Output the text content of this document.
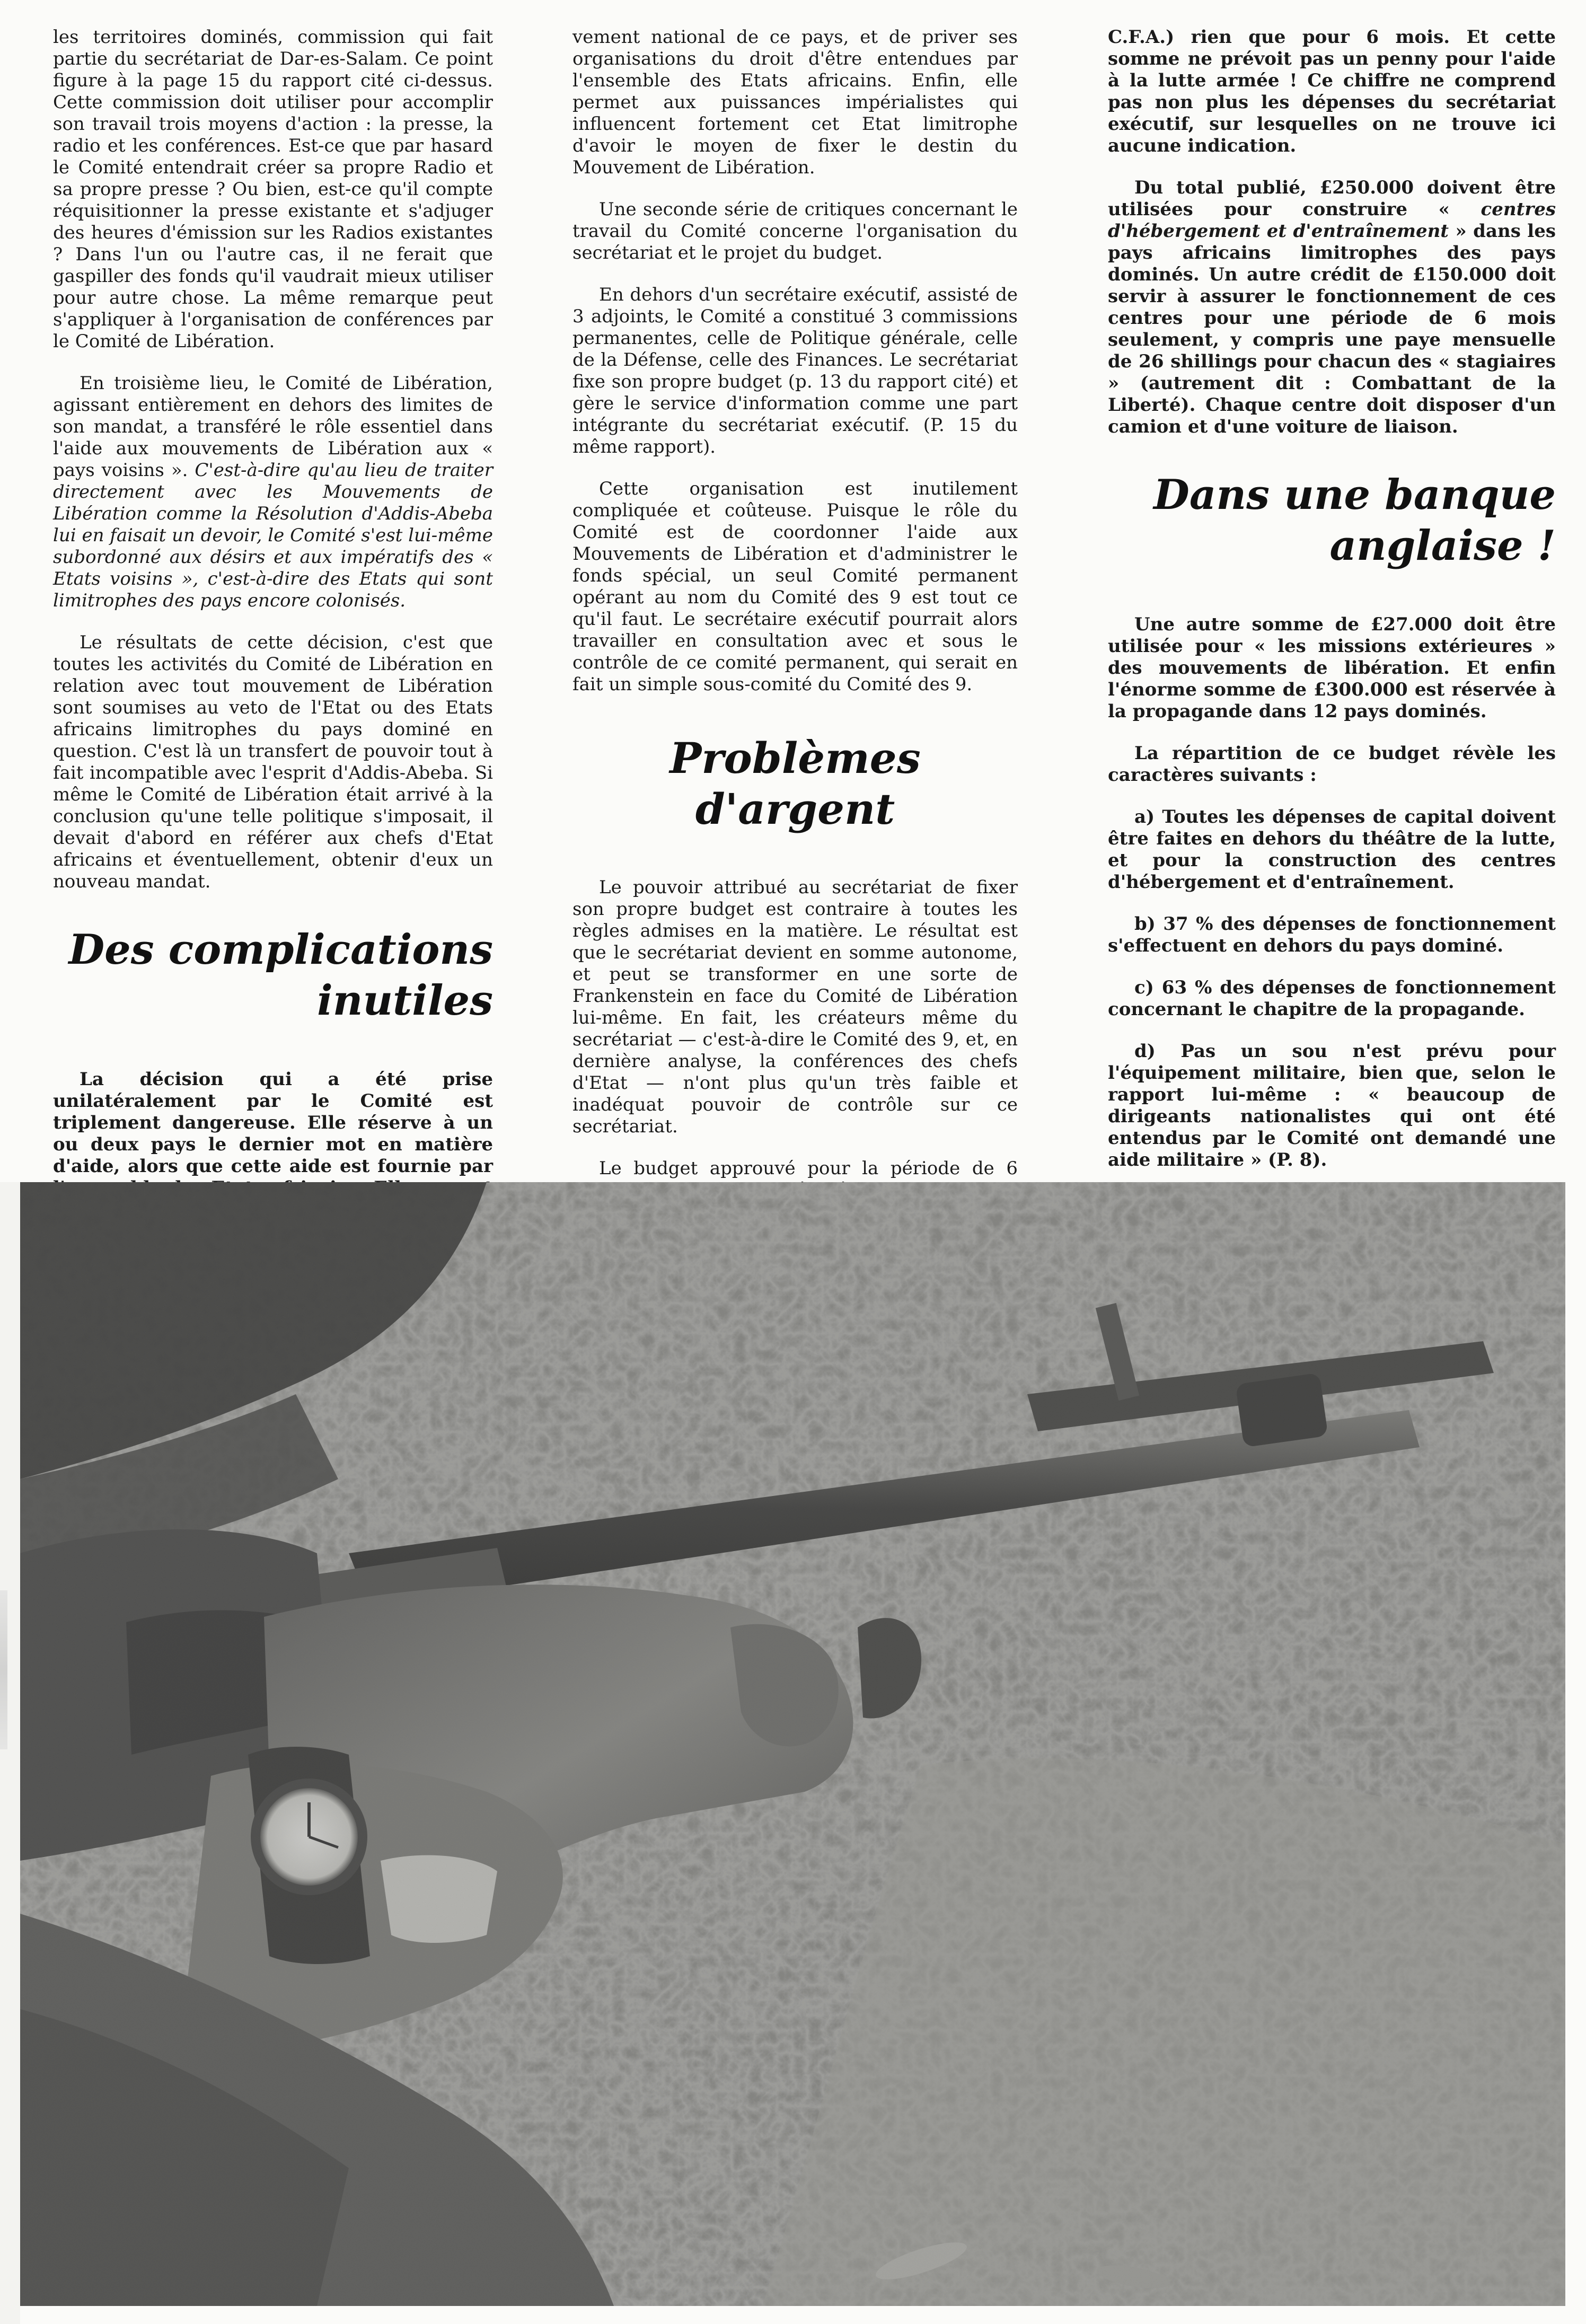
les territoires dominés, commission qui fait partie du secrétariat de Dar-es-Salam. Ce point figure à la page 15 du rapport cité ci-dessus. Cette commission doit utiliser pour accomplir son travail trois moyens d'action : la presse, la radio et les conférences. Est-ce que par hasard le Comité entendrait créer sa propre Radio et sa propre presse ? Ou bien, est-ce qu'il compte réquisitionner la presse existante et s'adjuger des heures d'émission sur les Radios existantes ? Dans l'un ou l'autre cas, il ne ferait que gaspiller des fonds qu'il vaudrait mieux utiliser pour autre chose. La même remarque peut s'appliquer à l'organisation de conférences par le Comité de Libération.

En troisième lieu, le Comité de Libération, agissant entièrement en dehors des limites de son mandat, a transféré le rôle essentiel dans l'aide aux mouvements de Libération aux « pays voisins ». C'est-à-dire qu'au lieu de traiter directement avec les Mouvements de Libération comme la Résolution d'Addis-Abeba lui en faisait un devoir, le Comité s'est lui-même subordonné aux désirs et aux impératifs des « Etats voisins », c'est-à-dire des Etats qui sont limitrophes des pays encore colonisés.

Le résultats de cette décision, c'est que toutes les activités du Comité de Libération en relation avec tout mouvement de Libération sont soumises au veto de l'Etat ou des Etats africains limitrophes du pays dominé en question. C'est là un transfert de pouvoir tout à fait incompatible avec l'esprit d'Addis-Abeba. Si même le Comité de Libération était arrivé à la conclusion qu'une telle politique s'imposait, il devait d'abord en référer aux chefs d'Etat africains et éventuellement, obtenir d'eux un nouveau mandat.

Des complications inutiles

La décision qui a été prise unilatéralement par le Comité est triplement dangereuse. Elle réserve à un ou deux pays le dernier mot en matière d'aide, alors que cette aide est fournie par

vement national de ce pays, et de priver ses organisations du droit d'être entendues par l'ensemble des Etats africains. Enfin, elle permet aux puissances impérialistes qui influencent fortement cet Etat limitrophe d'avoir le moyen de fixer le destin du Mouvement de Libération.

Une seconde série de critiques concernant le travail du Comité concerne l'organisation du secrétariat et le projet du budget.

En dehors d'un secrétaire exécutif, assisté de 3 adjoints, le Comité a constitué 3 commissions permanentes, celle de Politique générale, celle de la Défense, celle des Finances. Le secrétariat fixe son propre budget (p. 13 du rapport cité) et gère le service d'information comme une part intégrante du secrétariat exécutif. (P. 15 du même rapport).

Cette organisation est inutilement compliquée et coûteuse. Puisque le rôle du Comité est de coordonner l'aide aux Mouvements de Libération et d'administrer le fonds spécial, un seul Comité permanent opérant au nom du Comité des 9 est tout ce qu'il faut. Le secrétaire exécutif pourrait alors travailler en consultation avec et sous le contrôle de ce comité permanent, qui serait en fait un simple sous-comité du Comité des 9.

Problèmes d'argent

Le pouvoir attribué au secrétariat de fixer son propre budget est contraire à toutes les règles admises en la matière. Le résultat est que le secrétariat devient en somme autonome, et peut se transformer en une sorte de Frankenstein en face du Comité de Libération lui-même. En fait, les créateurs même du secrétariat — c'est-à-dire le Comité des 9, et, en dernière analyse, la conférences des chefs d'Etat — n'ont plus qu'un très faible et inadéquat pouvoir de contrôle sur ce secrétariat.

Le budget approuvé pour la période de 6

C.F.A.) rien que pour 6 mois. Et cette somme ne prévoit pas un penny pour l'aide à la lutte armée ! Ce chiffre ne comprend pas non plus les dépenses du secrétariat exécutif, sur lesquelles on ne trouve ici aucune indication.

Du total publié, £250.000 doivent être utilisées pour construire « centres d'hébergement et d'entraînement » dans les pays africains limitrophes des pays dominés. Un autre crédit de £150.000 doit servir à assurer le fonctionnement de ces centres pour une période de 6 mois seulement, y compris une paye mensuelle de 26 shillings pour chacun des « stagiaires » (autrement dit : Combattant de la Liberté). Chaque centre doit disposer d'un camion et d'une voiture de liaison.

Dans une banque anglaise !

Une autre somme de £27.000 doit être utilisée pour « les missions extérieures » des mouvements de libération. Et enfin l'énorme somme de £300.000 est réservée à la propagande dans 12 pays dominés.

La répartition de ce budget révèle les caractères suivants :

a) Toutes les dépenses de capital doivent être faites en dehors du théâtre de la lutte, et pour la construction des centres d'hébergement et d'entraînement.

b) 37 % des dépenses de fonctionnement s'effectuent en dehors du pays dominé.

c) 63 % des dépenses de fonctionnement concernant le chapitre de la propagande.

d) Pas un sou n'est prévu pour l'équipement militaire, bien que, selon le rapport lui-même : « beaucoup de dirigeants nationalistes qui ont été entendus par le Comité ont demandé une aide militaire » (P. 8).
